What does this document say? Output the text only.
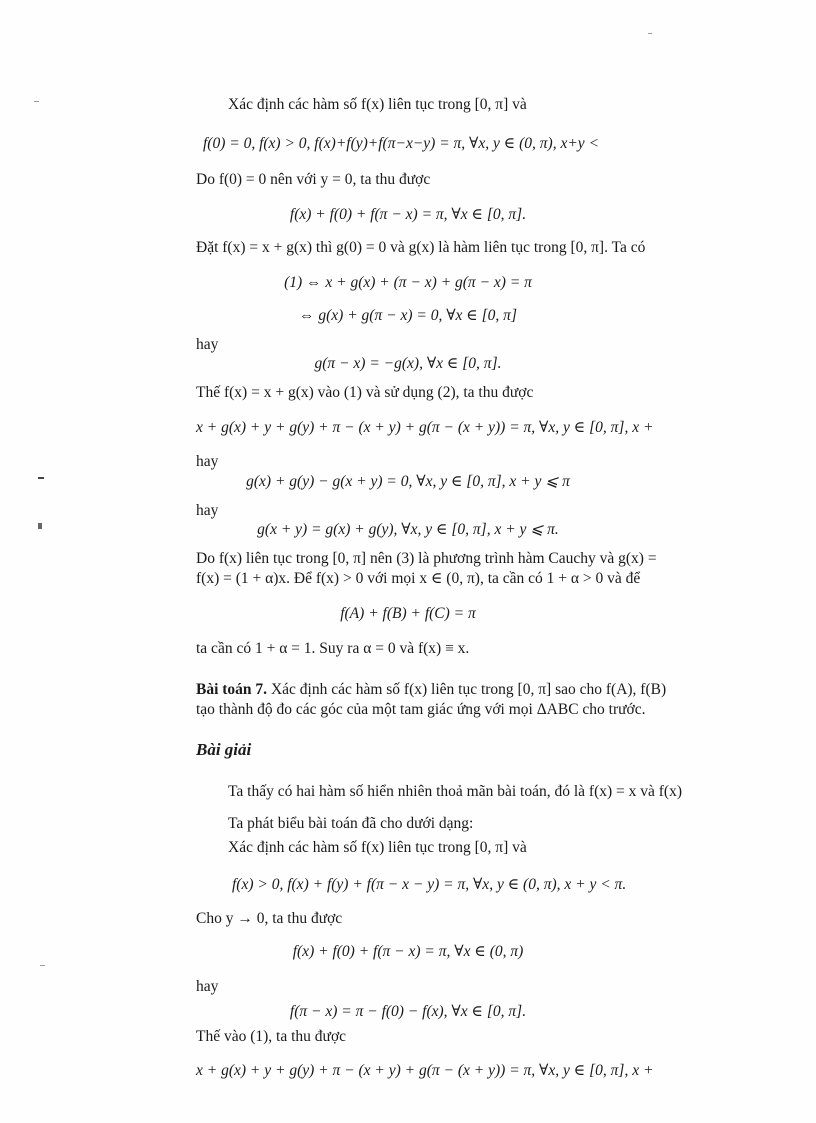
Xác định các hàm số f(x) liên tục trong [0, π] và
f(0) = 0, f(x) > 0, f(x)+f(y)+f(π−x−y) = π, ∀x, y ∈ (0, π), x+y <
Do f(0) = 0 nên với y = 0, ta thu được
f(x) + f(0) + f(π − x) = π, ∀x ∈ [0, π].
Đặt f(x) = x + g(x) thì g(0) = 0 và g(x) là hàm liên tục trong [0, π]. Ta có
(1) ⇔ x + g(x) + (π − x) + g(π − x) = π
⇔ g(x) + g(π − x) = 0, ∀x ∈ [0, π]
hay
g(π − x) = −g(x), ∀x ∈ [0, π].
Thế f(x) = x + g(x) vào (1) và sử dụng (2), ta thu được
x + g(x) + y + g(y) + π − (x + y) + g(π − (x + y)) = π, ∀x, y ∈ [0, π], x +
hay
g(x) + g(y) − g(x + y) = 0, ∀x, y ∈ [0, π], x + y ⩽ π
hay
g(x + y) = g(x) + g(y), ∀x, y ∈ [0, π], x + y ⩽ π.
Do f(x) liên tục trong [0, π] nên (3) là phương trình hàm Cauchy và g(x) =
f(x) = (1 + α)x. Để f(x) > 0 với mọi x ∈ (0, π), ta cần có 1 + α > 0 và để
f(A) + f(B) + f(C) = π
ta cần có 1 + α = 1. Suy ra α = 0 và f(x) ≡ x.
Bài toán 7. Xác định các hàm số f(x) liên tục trong [0, π] sao cho f(A), f(B)
tạo thành độ đo các góc của một tam giác ứng với mọi ΔABC cho trước.
Bài giải
Ta thấy có hai hàm số hiển nhiên thoả mãn bài toán, đó là f(x) = x và f(x)
Ta phát biểu bài toán đã cho dưới dạng:
Xác định các hàm số f(x) liên tục trong [0, π] và
f(x) > 0, f(x) + f(y) + f(π − x − y) = π, ∀x, y ∈ (0, π), x + y < π.
Cho y → 0, ta thu được
f(x) + f(0) + f(π − x) = π, ∀x ∈ (0, π)
hay
f(π − x) = π − f(0) − f(x), ∀x ∈ [0, π].
Thế vào (1), ta thu được
x + g(x) + y + g(y) + π − (x + y) + g(π − (x + y)) = π, ∀x, y ∈ [0, π], x +
